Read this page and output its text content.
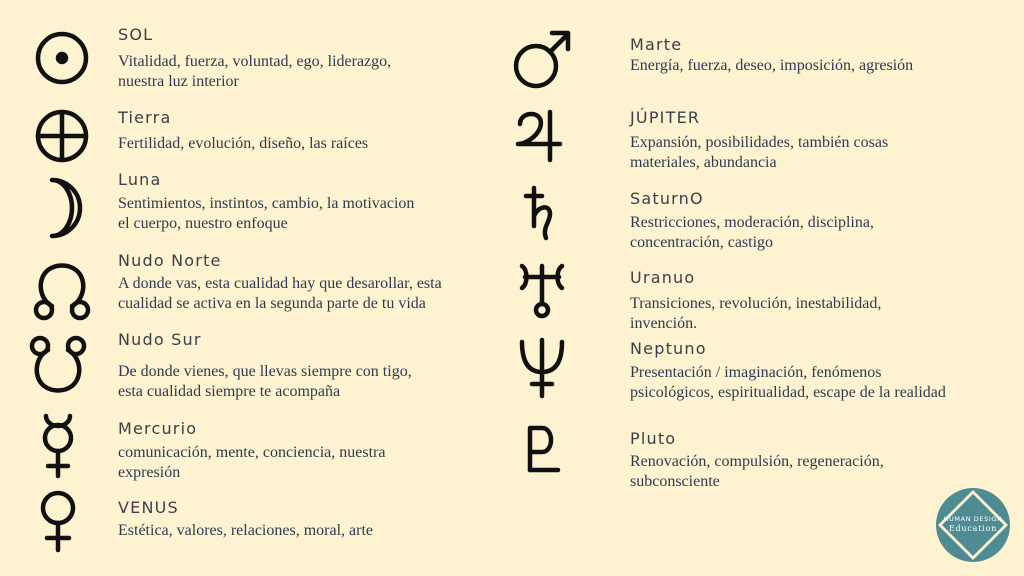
SOL
Vitalidad, fuerza, voluntad, ego, liderazgo,
nuestra luz interior
Tierra
Fertilidad, evolución, diseño, las raíces
Luna
Sentimientos, instintos, cambio, la motivacion
el cuerpo, nuestro enfoque
Nudo Norte
A donde vas, esta cualidad hay que desarollar, esta
cualidad se activa en la segunda parte de tu vida
Nudo Sur
De donde vienes, que llevas siempre con tigo,
esta cualidad siempre te acompaña
Mercurio
comunicación, mente, conciencia, nuestra
expresión
VENUS
Estética, valores, relaciones, moral, arte
Marte
Energía, fuerza, deseo, imposición, agresión
JÚPITER
Expansión, posibilidades, también cosas
materiales, abundancia
SaturnO
Restricciones, moderación, disciplina,
concentración, castigo
Uranuo
Transiciones, revolución, inestabilidad,
invención.
Neptuno
Presentación / imaginación, fenómenos
psicológicos, espiritualidad, escape de la realidad
Pluto
Renovación, compulsión, regeneración,
subconsciente
HUMAN DESIGN
Education
